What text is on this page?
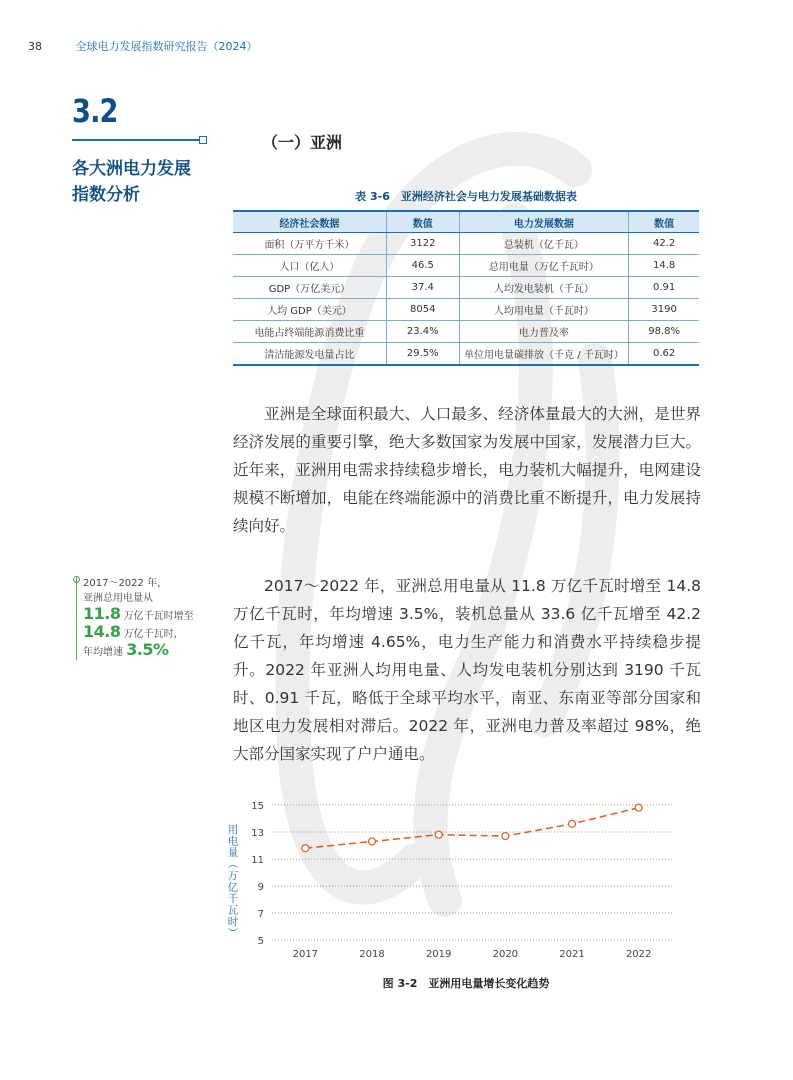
38	全球电力发展指数研究报告（2024）
3.2
各大洲电力发展
指数分析
（一）亚洲
表 3-6　亚洲经济社会与电力发展基础数据表
经济社会数据	数值	电力发展数据	数值
面积（万平方千米）	3122	总装机（亿千瓦）	42.2
人口（亿人）	46.5	总用电量（万亿千瓦时）	14.8
GDP（万亿美元）	37.4	人均发电装机（千瓦）	0.91
人均 GDP（美元）	8054	人均用电量（千瓦时）	3190
电能占终端能源消费比重	23.4%	电力普及率	98.8%
清洁能源发电量占比	29.5%	单位用电量碳排放（千克 / 千瓦时）	0.62

亚洲是全球面积最大、人口最多、经济体量最大的大洲，是世界经济发展的重要引擎，绝大多数国家为发展中国家，发展潜力巨大。近年来，亚洲用电需求持续稳步增长，电力装机大幅提升，电网建设规模不断增加，电能在终端能源中的消费比重不断提升，电力发展持续向好。

2017～2022 年，亚洲总用电量从 11.8 万亿千瓦时增至 14.8 万亿千瓦时，年均增速 3.5%，装机总量从 33.6 亿千瓦增至 42.2 亿千瓦，年均增速 4.65%，电力生产能力和消费水平持续稳步提升。2022 年亚洲人均用电量、人均发电装机分别达到 3190 千瓦时、0.91 千瓦，略低于全球平均水平，南亚、东南亚等部分国家和地区电力发展相对滞后。2022 年，亚洲电力普及率超过 98%，绝大部分国家实现了户户通电。

2017～2022 年，
亚洲总用电量从
11.8 万亿千瓦时增至
14.8 万亿千瓦时，
年均增速 3.5%
5
7
9
11
13
15
2017	2018	2019	2020	2021	2022
用
电
量
（
万
亿
千
瓦
时
）
图 3-2　亚洲用电量增长变化趋势
